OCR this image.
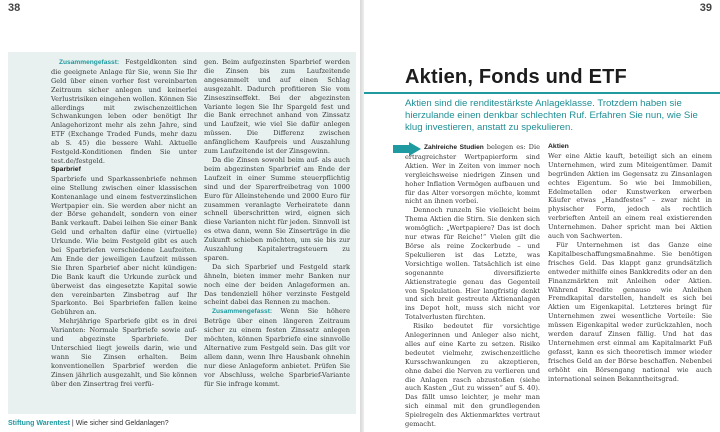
38

Zusammengefasst: Festgeldkonten sind die geeignete Anlage für Sie, wenn Sie Ihr Geld über einen vorher fest vereinbarten Zeitraum sicher anlegen und keinerlei Verlustrisiken eingehen wollen. Können Sie allerdings mit zwischenzeitlichen Schwankungen leben oder benötigt Ihr Anlagehorizont mehr als zehn Jahre, sind ETF (Exchange Traded Funds, mehr dazu ab S. 45) die bessere Wahl. Aktuelle Festgeld-Konditionen finden Sie unter test.de/festgeld.

Sparbrief

Sparbriefe und Sparkassenbriefe nehmen eine Stellung zwischen einer klassischen Kontenanlage und einem festverzinslichen Wertpapier ein. Sie werden aber nicht an der Börse gehandelt, sondern von einer Bank verkauft. Dabei leihen Sie einer Bank Geld und erhalten dafür eine (virtuelle) Urkunde. Wie beim Festgeld gibt es auch bei Sparbriefen verschiedene Laufzeiten. Am Ende der jeweiligen Laufzeit müssen Sie Ihren Sparbrief aber nicht kündigen: Die Bank kauft die Urkunde zurück und überweist das eingesetzte Kapital sowie den vereinbarten Zinsbetrag auf Ihr Sparkonto. Bei Sparbriefen fallen keine Gebühren an.

Mehrjährige Sparbriefe gibt es in drei Varianten: Normale Sparbriefe sowie auf- und abgezinste Sparbriefe. Der Unterschied liegt jeweils darin, wie und wann Sie Zinsen erhalten. Beim konventionellen Sparbrief werden die Zinsen jährlich ausgezahlt, und Sie können über den Zinsertrag frei verfü-

gen. Beim aufgezinsten Sparbrief werden die Zinsen bis zum Laufzeitende angesammelt und auf einen Schlag ausgezahlt. Dadurch profitieren Sie vom Zinseszinseffekt. Bei der abgezinsten Variante legen Sie Ihr Spargeld fest und die Bank errechnet anhand von Zinssatz und Laufzeit, wie viel Sie dafür anlegen müssen. Die Differenz zwischen anfänglichem Kaufpreis und Auszahlung zum Laufzeitende ist der Zinsgewinn.

Da die Zinsen sowohl beim auf- als auch beim abgezinsten Sparbrief am Ende der Laufzeit in einer Summe steuerpflichtig sind und der Sparerfreibetrag von 1000 Euro für Alleinstehende und 2000 Euro für zusammen veranlagte Verheiratete dann schnell überschritten wird, eignen sich diese Varianten nicht für jeden. Sinnvoll ist es etwa dann, wenn Sie Zinserträge in die Zukunft schieben möchten, um sie bis zur Auszahlung Kapitalertragsteuern zu sparen.

Da sich Sparbrief und Festgeld stark ähneln, bieten immer mehr Banken nur noch eine der beiden Anlageformen an. Das tendenziell höher verzinste Festgeld scheint dabei das Rennen zu machen.

Zusammengefasst: Wenn Sie höhere Beträge über einen längeren Zeitraum sicher zu einem festen Zinssatz anlegen möchten, können Sparbriefe eine sinnvolle Alternative zum Festgeld sein. Das gilt vor allem dann, wenn Ihre Hausbank ohnehin nur diese Anlageform anbietet. Prüfen Sie vor Abschluss, welche Sparbrief-Variante für Sie infrage kommt.

Stiftung Warentest | Wie sicher sind Geldanlagen?
39
Aktien, Fonds und ETF
Aktien sind die renditestärkste Anlageklasse. Trotzdem haben sie hierzulande einen denkbar schlechten Ruf. Erfahren Sie nun, wie Sie klug investieren, anstatt zu spekulieren.

Zahlreiche Studien belegen es: Die ertragreichster Wertpapierform sind Aktien. Wer in Zeiten von immer noch vergleichsweise niedrigen Zinsen und hoher Inflation Vermögen aufbauen und für das Alter vorsorgen möchte, kommt nicht an ihnen vorbei.

Dennoch runzeln Sie vielleicht beim Thema Aktien die Stirn. Sie denken sich womöglich: „Wertpapiere? Das ist doch nur etwas für Reiche!“ Vielen gilt die Börse als reine Zockerbude – und Spekulieren ist das Letzte, was Vorsichtige wollen. Tatsächlich ist eine sogenannte diversifizierte Aktienstrategie genau das Gegenteil von Spekulation. Hier langfristig denkt und sich breit gestreute Aktienanlagen ins Depot holt, muss sich nicht vor Totalverlusten fürchten.

Risiko bedeutet für vorsichtige Anlegerinnen und Anleger also nicht, alles auf eine Karte zu setzen. Risiko bedeutet vielmehr, zwischenzeitliche Kursschwankungen zu akzeptieren, ohne dabei die Nerven zu verlieren und die Anlagen rasch abzustoßen (siehe auch Kasten „Gut zu wissen“ auf S. 40). Das fällt umso leichter, je mehr man sich einmal mit den grundlegenden Spielregeln des Aktienmarktes vertraut gemacht.

Aktien

Wer eine Aktie kauft, beteiligt sich an einem Unternehmen, wird zum Miteigentümer. Damit begründen Aktien im Gegensatz zu Zinsanlagen echtes Eigentum. So wie bei Immobilien, Edelmetallen oder Kunstwerken erwerben Käufer etwas „Handfestes“ – zwar nicht in physischer Form, jedoch als rechtlich verbrieften Anteil an einem real existierenden Unternehmen. Daher spricht man bei Aktien auch von Sachwerten.

Für Unternehmen ist das Ganze eine Kapitalbeschaffungsmaßnahme. Sie benötigen frisches Geld. Das klappt ganz grundsätzlich entweder mithilfe eines Bankkredits oder an den Finanzmärkten mit Anleihen oder Aktien. Während Kredite genauso wie Anleihen Fremdkapital darstellen, handelt es sich bei Aktien um Eigenkapital. Letzteres bringt für Unternehmen zwei wesentliche Vorteile: Sie müssen Eigenkapital weder zurückzahlen, noch werden darauf Zinsen fällig. Und hat das Unternehmen erst einmal am Kapitalmarkt Fuß gefasst, kann es sich theoretisch immer wieder frisches Geld an der Börse beschaffen. Nebenbei erhöht ein Börsengang national wie auch international seinen Bekanntheitsgrad.
